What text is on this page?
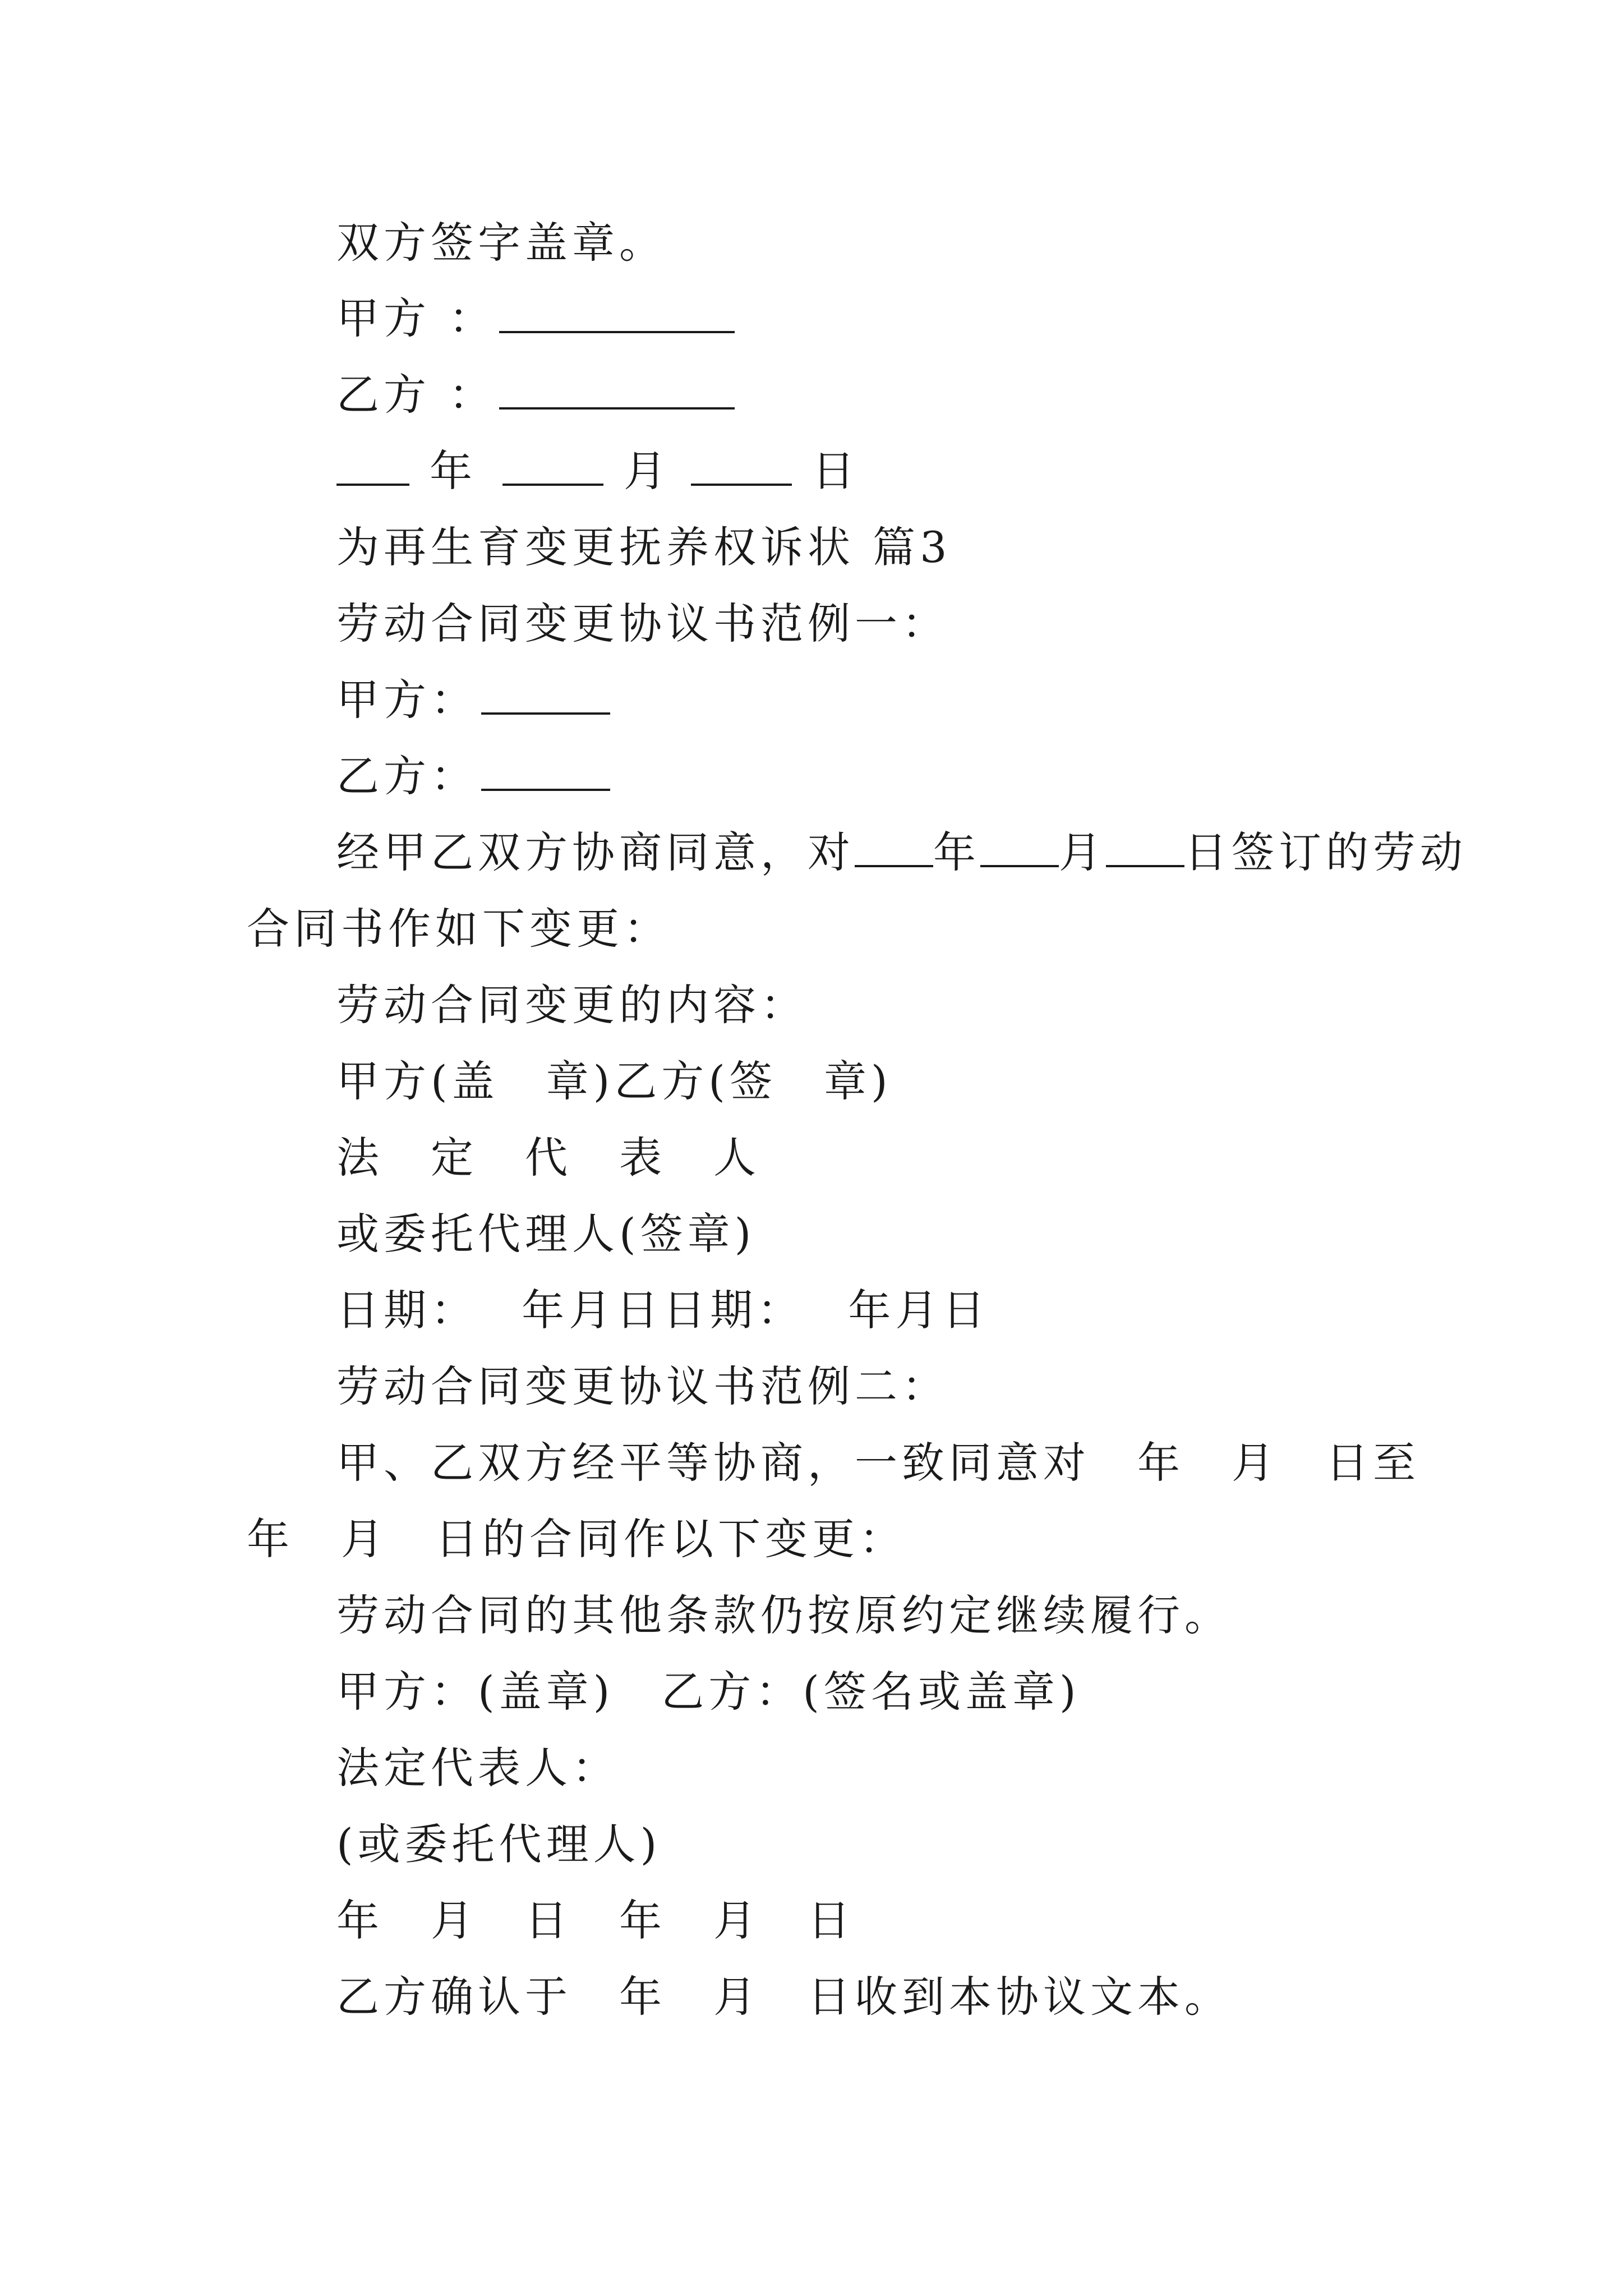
双方签字盖章。
甲方 ：
乙方 ：
年	月	日
为再生育变更抚养权诉状 篇3
劳动合同变更协议书范例一：
甲方：
乙方：
经甲乙双方协商同意，对 年 月 日签订的劳动
合同书作如下变更：
劳动合同变更的内容：
甲方(盖　章)乙方(签　章)
法　定　代　表　人
或委托代理人(签章)
日期：　 年月日日期：　 年月日
劳动合同变更协议书范例二：
甲、乙双方经平等协商，一致同意对　年　月　日至
年　月　日的合同作以下变更：
劳动合同的其他条款仍按原约定继续履行。
甲方：(盖章)　乙方：(签名或盖章)
法定代表人：
(或委托代理人)
年　月　日　年　月　日
乙方确认于　年　月　日收到本协议文本。
